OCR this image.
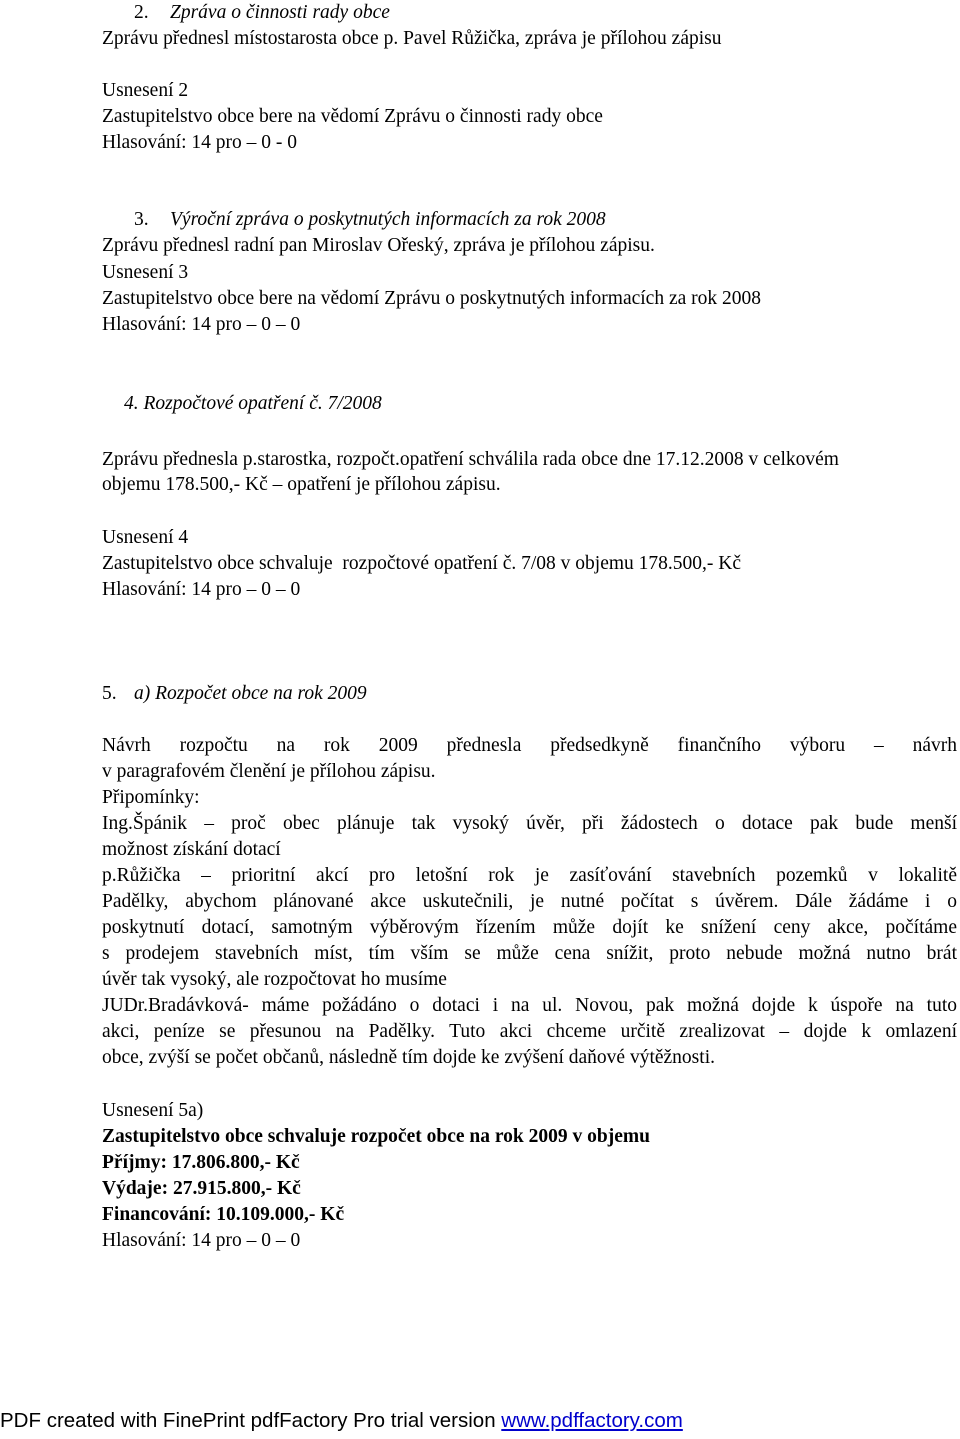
2. Zpráva o činnosti rady obce
Zprávu přednesl místostarosta obce p. Pavel Růžička, zpráva je přílohou zápisu
Usnesení 2
Zastupitelstvo obce bere na vědomí Zprávu o činnosti rady obce
Hlasování: 14 pro – 0 - 0
3. Výroční zpráva o poskytnutých informacích za rok 2008
Zprávu přednesl radní pan Miroslav Ořeský, zpráva je přílohou zápisu.
Usnesení 3
Zastupitelstvo obce bere na vědomí Zprávu o poskytnutých informacích za rok 2008
Hlasování: 14 pro – 0 – 0
4. Rozpočtové opatření č. 7/2008
Zprávu přednesla p.starostka, rozpočt.opatření schválila rada obce dne 17.12.2008 v celkovém
objemu 178.500,- Kč – opatření je přílohou zápisu.
Usnesení 4
Zastupitelstvo obce schvaluje  rozpočtové opatření č. 7/08 v objemu 178.500,- Kč
Hlasování: 14 pro – 0 – 0
5. a) Rozpočet obce na rok 2009
Návrh rozpočtu na rok 2009 přednesla předsedkyně finančního výboru – návrh
v paragrafovém členění je přílohou zápisu.
Připomínky:
Ing.Špánik – proč obec plánuje tak vysoký úvěr, při žádostech o dotace pak bude menší
možnost získání dotací
p.Růžička – prioritní akcí pro letošní rok je zasíťování stavebních pozemků v lokalitě
Padělky, abychom plánované akce uskutečnili, je nutné počítat s úvěrem. Dále žádáme i o
poskytnutí dotací, samotným výběrovým řízením může dojít ke snížení ceny akce, počítáme
s prodejem stavebních míst, tím vším se může cena snížit, proto nebude možná nutno brát
úvěr tak vysoký, ale rozpočtovat ho musíme
JUDr.Bradávková- máme požádáno o dotaci i na ul. Novou, pak možná dojde k úspoře na tuto
akci, peníze se přesunou na Padělky. Tuto akci chceme určitě zrealizovat – dojde k omlazení
obce, zvýší se počet občanů, následně tím dojde ke zvýšení daňové výtěžnosti.
Usnesení 5a)
Zastupitelstvo obce schvaluje rozpočet obce na rok 2009 v objemu
Příjmy: 17.806.800,- Kč
Výdaje: 27.915.800,- Kč
Financování: 10.109.000,- Kč
Hlasování: 14 pro – 0 – 0
PDF created with FinePrint pdfFactory Pro trial version www.pdffactory.com
